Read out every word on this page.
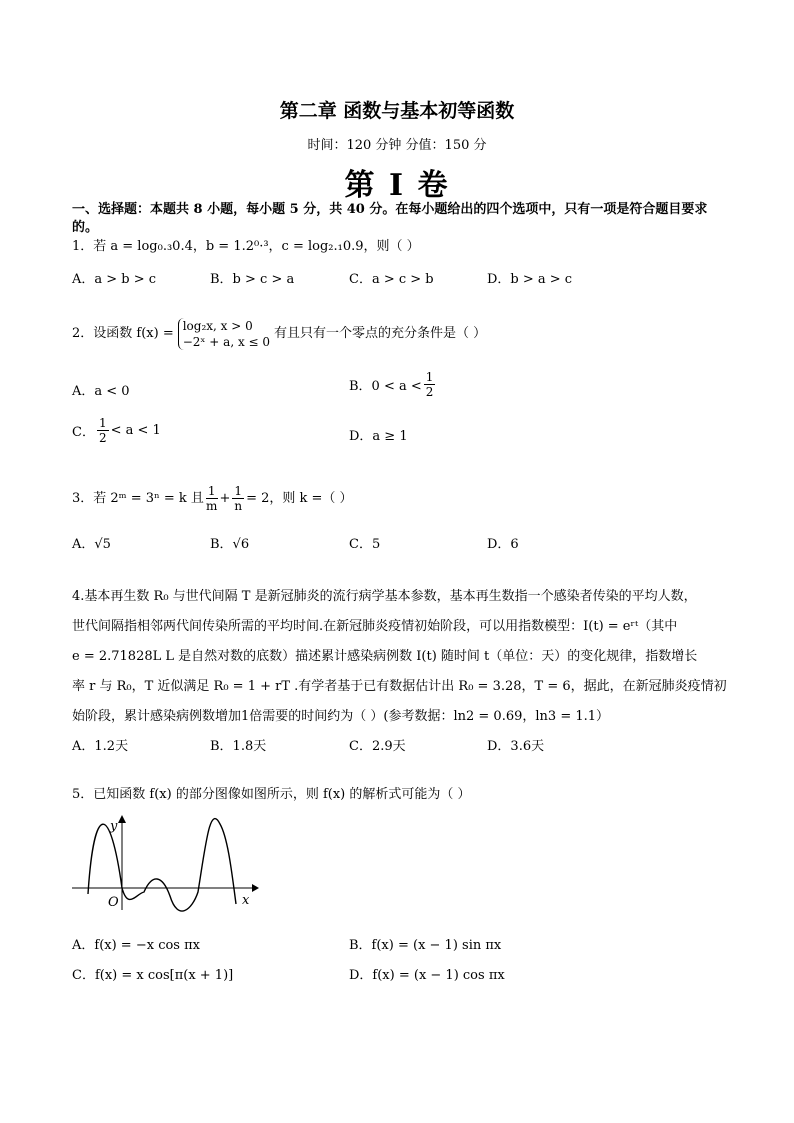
第二章 函数与基本初等函数
时间：120 分钟 分值：150 分
第 I 卷
一、选择题：本题共 8 小题，每小题 5 分，共 40 分。在每小题给出的四个选项中，只有一项是符合题目要求的。
1．若 a = log₀.₃0.4，b = 1.2⁰·³，c = log₂.₁0.9，则（ ）
A．a > b > c	B．b > c > a	C．a > c > b	D．b > a > c
2．设函数 f(x) = log₂x, x > 0
−2ˣ + a, x ≤ 0
有且只有一个零点的充分条件是（ ）
A．a < 0	B．$0 < a < \frac{1}{2}$
C． $\frac{1}{2} < a < 1$	D．a ≥ 1
3．若 2ᵐ = 3ⁿ = k 且 $\frac{1}{m} + \frac{1}{n} = 2$，则 k =（ ）
A．√5	B．√6	C．5	D．6
4.基本再生数 R₀ 与世代间隔 T 是新冠肺炎的流行病学基本参数，基本再生数指一个感染者传染的平均人数，
世代间隔指相邻两代间传染所需的平均时间.在新冠肺炎疫情初始阶段，可以用指数模型：I(t) = eʳᵗ（其中
e = 2.71828L L 是自然对数的底数）描述累计感染病例数 I(t) 随时间 t（单位：天）的变化规律，指数增长
率 r 与 R₀，T 近似满足 R₀ = 1 + rT .有学者基于已有数据估计出 R₀ = 3.28，T = 6，据此，在新冠肺炎疫情初
始阶段，累计感染病例数增加1倍需要的时间约为（ ）(参考数据：ln2 = 0.69，ln3 = 1.1）
A．1.2天	B．1.8天	C．2.9天	D．3.6天
5．已知函数 f(x) 的部分图像如图所示，则 f(x) 的解析式可能为（ ）
y
x
O
A．f(x) = −x cos πx	B．f(x) = (x − 1) sin πx
C．f(x) = x cos[π(x + 1)]	D．f(x) = (x − 1) cos πx
